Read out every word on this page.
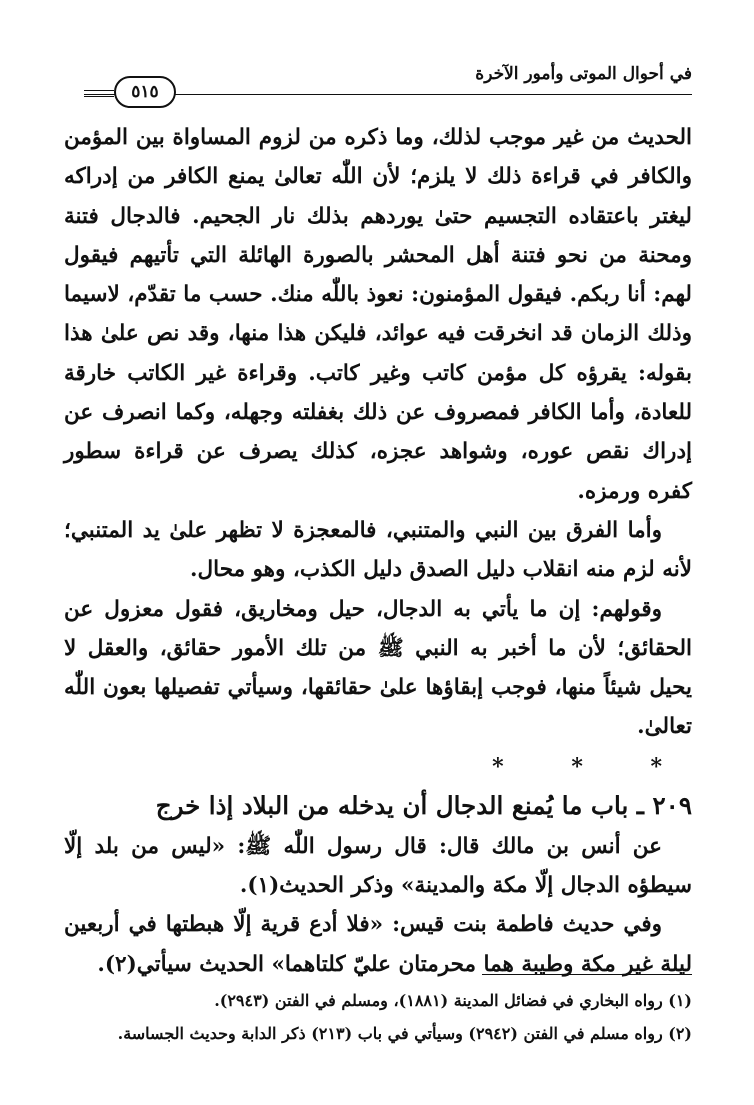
في أحوال الموتى وأمور الآخرة
٥١٥

الحديث من غير موجب لذلك، وما ذكره من لزوم المساواة بين المؤمن والكافر في قراءة ذلك لا يلزم؛ لأن اللّٰه تعالىٰ يمنع الكافر من إدراكه ليغتر باعتقاده التجسيم حتىٰ يوردهم بذلك نار الجحيم. فالدجال فتنة ومحنة من نحو فتنة أهل المحشر بالصورة الهائلة التي تأتيهم فيقول لهم: أنا ربكم. فيقول المؤمنون: نعوذ باللّٰه منك. حسب ما تقدّم، لاسيما وذلك الزمان قد انخرقت فيه عوائد، فليكن هذا منها، وقد نص علىٰ هذا بقوله: يقرؤه كل مؤمن كاتب وغير كاتب. وقراءة غير الكاتب خارقة للعادة، وأما الكافر فمصروف عن ذلك بغفلته وجهله، وكما انصرف عن إدراك نقص عوره، وشواهد عجزه، كذلك يصرف عن قراءة سطور كفره ورمزه.

وأما الفرق بين النبي والمتنبي، فالمعجزة لا تظهر علىٰ يد المتنبي؛ لأنه لزم منه انقلاب دليل الصدق دليل الكذب، وهو محال.

وقولهم: إن ما يأتي به الدجال، حيل ومخاريق، فقول معزول عن الحقائق؛ لأن ما أخبر به النبي ﷺ من تلك الأمور حقائق، والعقل لا يحيل شيئاً منها، فوجب إبقاؤها علىٰ حقائقها، وسيأتي تفصيلها بعون اللّٰه تعالىٰ.

* * *
٢٠٩ ـ باب ما يُمنع الدجال أن يدخله من البلاد إذا خرج

عن أنس بن مالك قال: قال رسول اللّٰه ﷺ: «ليس من بلد إلّا سيطؤه الدجال إلّا مكة والمدينة» وذكر الحديث(١).

وفي حديث فاطمة بنت قيس: «فلا أدع قرية إلّا هبطتها في أربعين ليلة غير مكة وطيبة هما محرمتان عليّ كلتاهما» الحديث سيأتي(٢).

(١) رواه البخاري في فضائل المدينة (١٨٨١)، ومسلم في الفتن (٢٩٤٣).

(٢) رواه مسلم في الفتن (٢٩٤٢) وسيأتي في باب (٢١٣) ذكر الدابة وحديث الجساسة.
